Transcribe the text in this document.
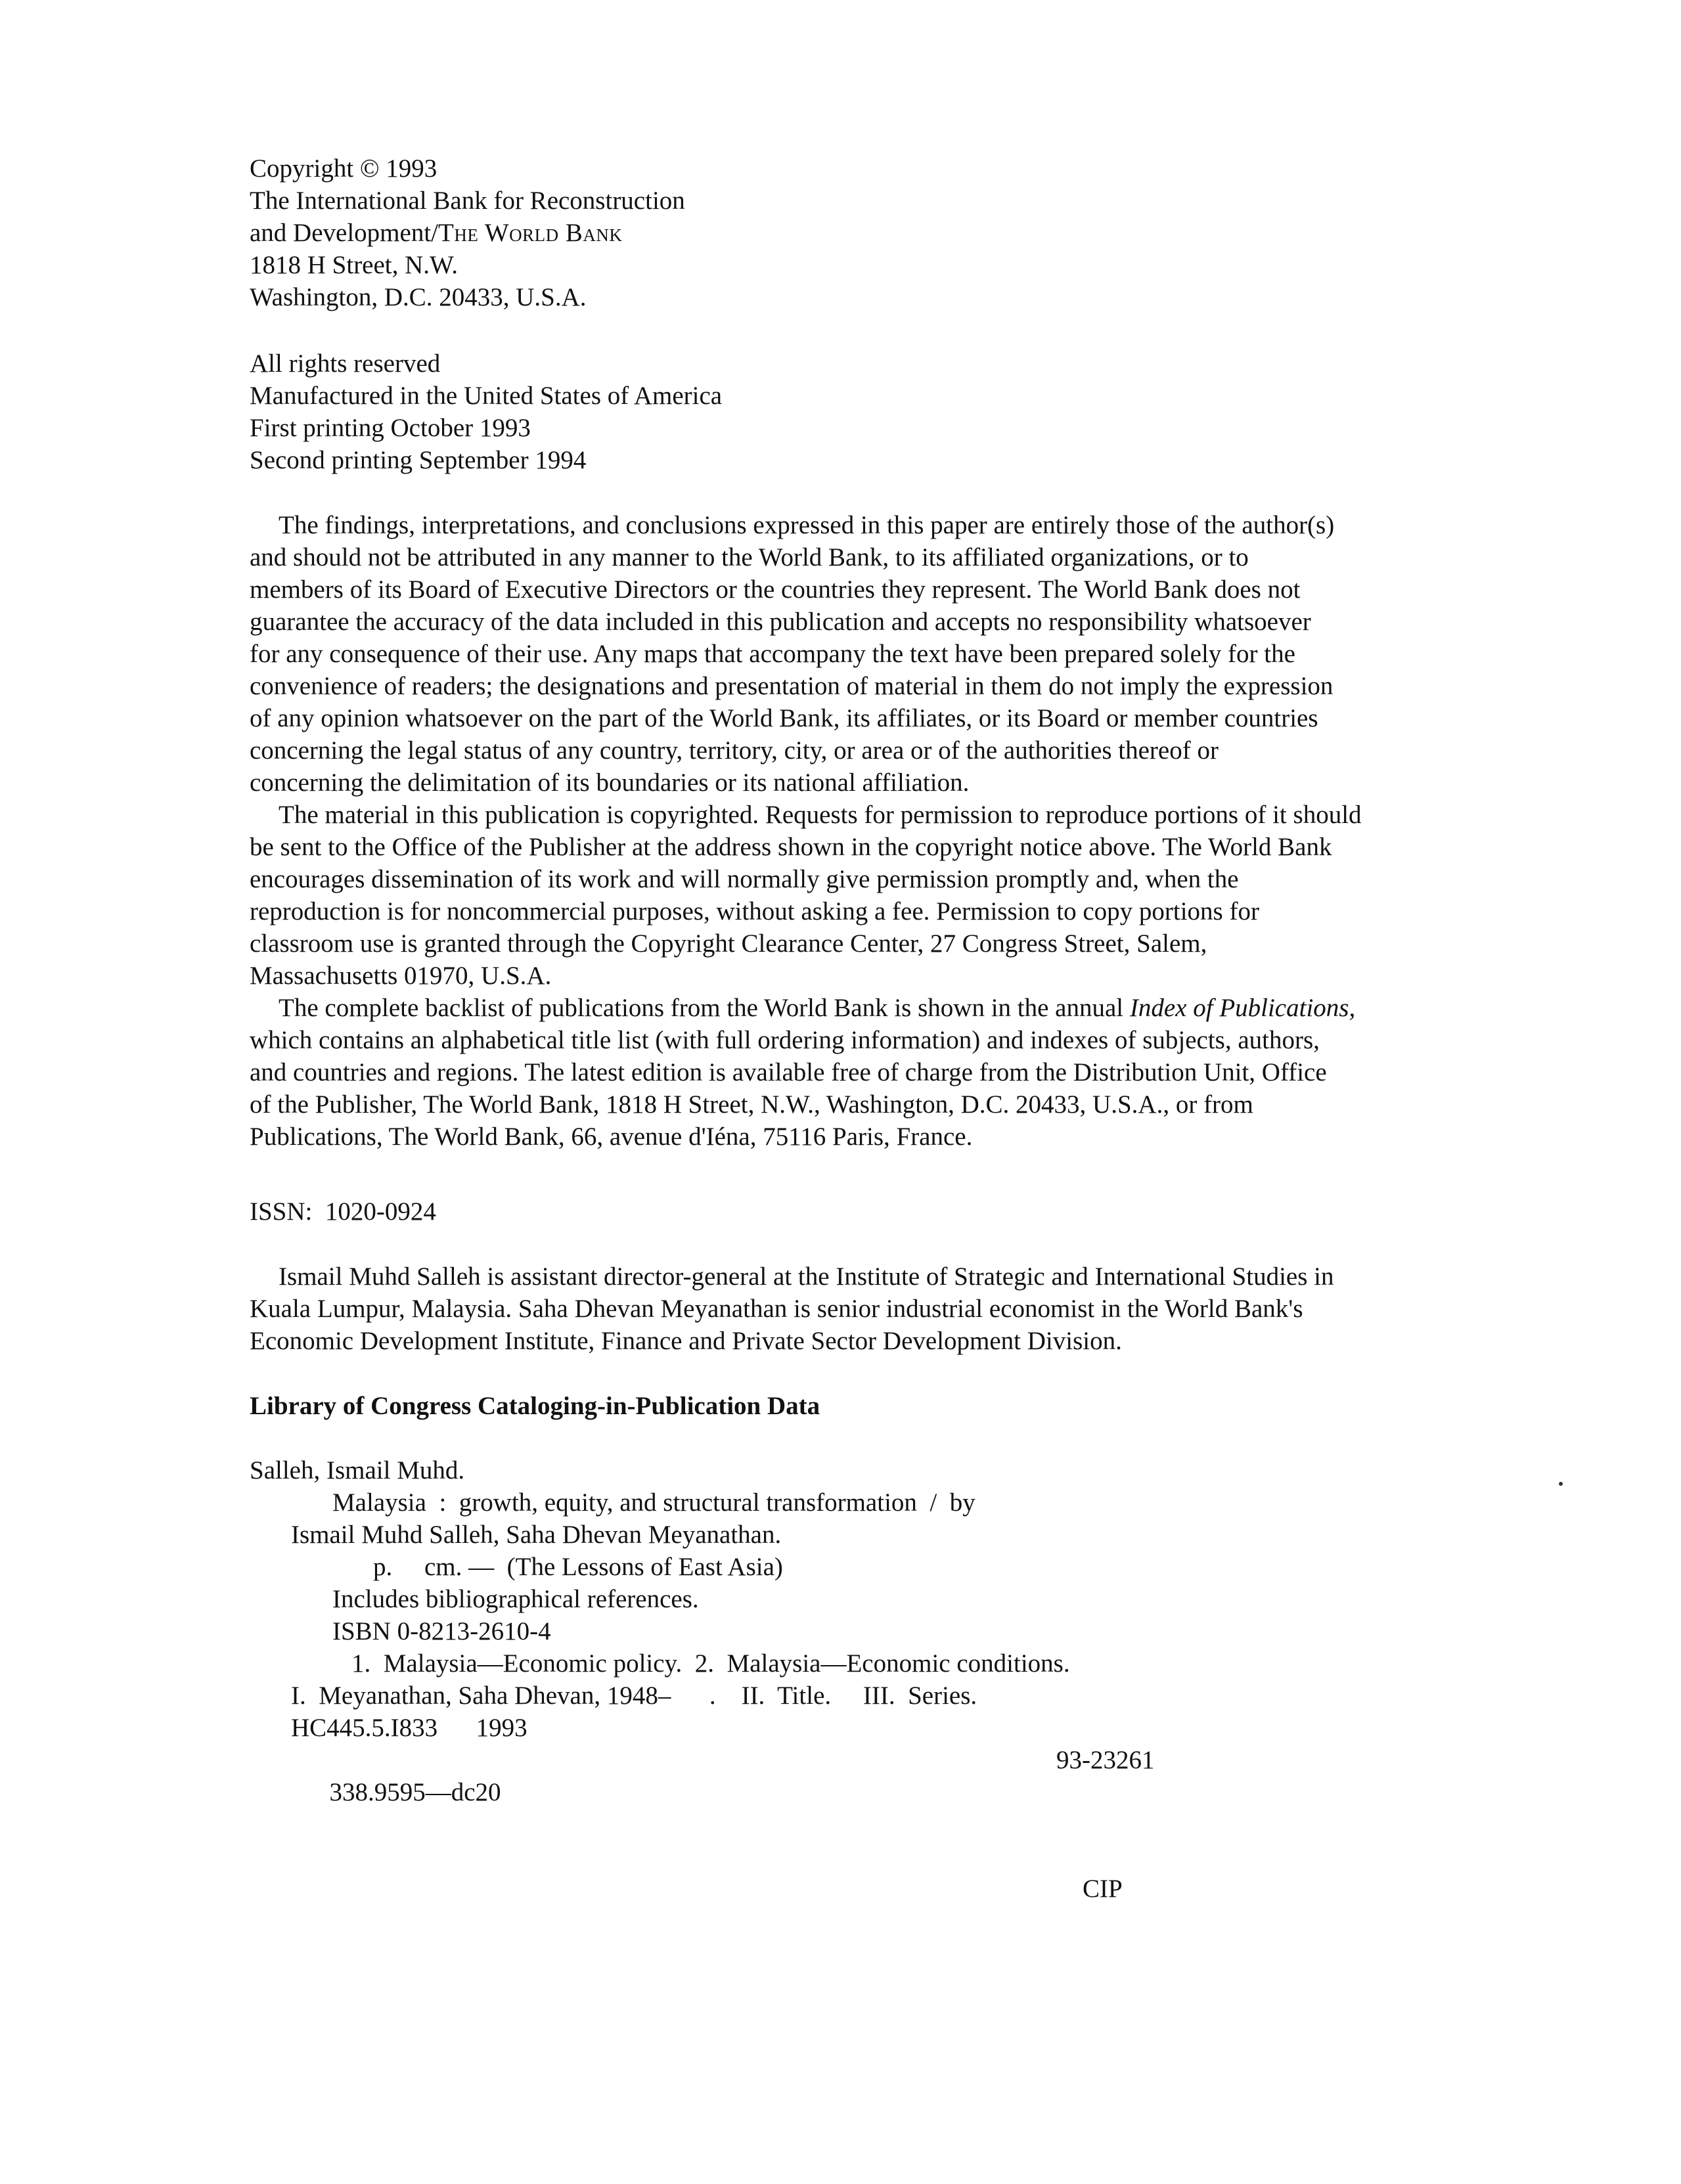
Copyright © 1993
The International Bank for Reconstruction
and Development/The World Bank
1818 H Street, N.W.
Washington, D.C. 20433, U.S.A.
All rights reserved
Manufactured in the United States of America
First printing October 1993
Second printing September 1994
The findings, interpretations, and conclusions expressed in this paper are entirely those of the author(s)
and should not be attributed in any manner to the World Bank, to its affiliated organizations, or to
members of its Board of Executive Directors or the countries they represent. The World Bank does not
guarantee the accuracy of the data included in this publication and accepts no responsibility whatsoever
for any consequence of their use. Any maps that accompany the text have been prepared solely for the
convenience of readers; the designations and presentation of material in them do not imply the expression
of any opinion whatsoever on the part of the World Bank, its affiliates, or its Board or member countries
concerning the legal status of any country, territory, city, or area or of the authorities thereof or
concerning the delimitation of its boundaries or its national affiliation.
The material in this publication is copyrighted. Requests for permission to reproduce portions of it should
be sent to the Office of the Publisher at the address shown in the copyright notice above. The World Bank
encourages dissemination of its work and will normally give permission promptly and, when the
reproduction is for noncommercial purposes, without asking a fee. Permission to copy portions for
classroom use is granted through the Copyright Clearance Center, 27 Congress Street, Salem,
Massachusetts 01970, U.S.A.
The complete backlist of publications from the World Bank is shown in the annual Index of Publications,
which contains an alphabetical title list (with full ordering information) and indexes of subjects, authors,
and countries and regions. The latest edition is available free of charge from the Distribution Unit, Office
of the Publisher, The World Bank, 1818 H Street, N.W., Washington, D.C. 20433, U.S.A., or from
Publications, The World Bank, 66, avenue d'Iéna, 75116 Paris, France.
ISSN:  1020-0924
Ismail Muhd Salleh is assistant director-general at the Institute of Strategic and International Studies in
Kuala Lumpur, Malaysia. Saha Dhevan Meyanathan is senior industrial economist in the World Bank's
Economic Development Institute, Finance and Private Sector Development Division.
Library of Congress Cataloging-in-Publication Data
Salleh, Ismail Muhd.
Malaysia  :  growth, equity, and structural transformation  /  by
Ismail Muhd Salleh, Saha Dhevan Meyanathan.
p.     cm. —  (The Lessons of East Asia)
Includes bibliographical references.
ISBN 0-8213-2610-4
1.  Malaysia—Economic policy.  2.  Malaysia—Economic conditions.
I.  Meyanathan, Saha Dhevan, 1948–      .    II.  Title.     III.  Series.
HC445.5.I833      1993

338.9595—dc20

93-23261

CIP
